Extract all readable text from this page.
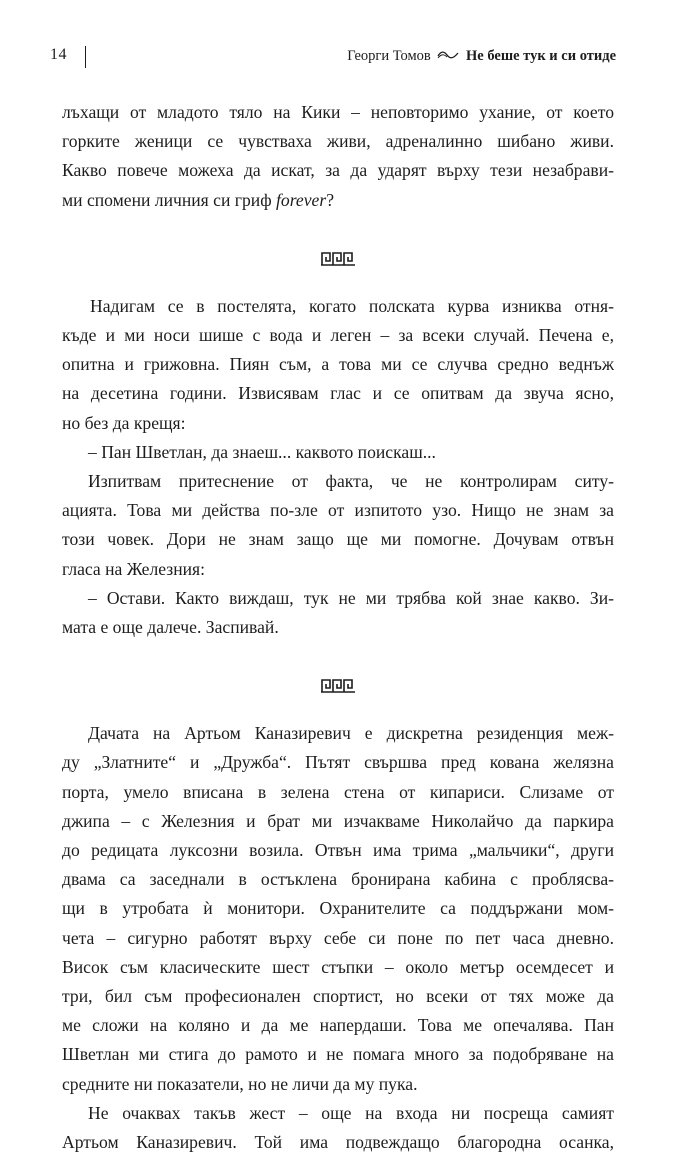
14	Георги Томов Не беше тук и си отиде
лъхащи от младото тяло на Кики – неповторимо ухание, от което
горките женици се чувстваха живи, адреналинно шибано живи.
Какво повече можеха да искат, за да ударят върху тези незабрави-
ми спомени личния си гриф forever?
Надигам се в постелята, когато полската курва изниква отня-
къде и ми носи шише с вода и леген – за всеки случай. Печена е,
опитна и грижовна. Пиян съм, а това ми се случва средно веднъж
на десетина години. Извисявам глас и се опитвам да звуча ясно,
но без да крещя:
– Пан Шветлан, да знаеш... каквото поискаш...
Изпитвам притеснение от факта, че не контролирам ситу-
ацията. Това ми действа по-зле от изпитото узо. Нищо не знам за
този човек. Дори не знам защо ще ми помогне. Дочувам отвън
гласа на Железния:
– Остави. Както виждаш, тук не ми трябва кой знае какво. Зи-
мата е още далече. Заспивай.
Дачата на Артьом Каназиревич е дискретна резиденция меж-
ду „Златните“ и „Дружба“. Пътят свършва пред кована желязна
порта, умело вписана в зелена стена от кипариси. Слизаме от
джипа – с Железния и брат ми изчакваме Николайчо да паркира
до редицата луксозни возила. Отвън има трима „мальчики“, други
двама са заседнали в остъклена бронирана кабина с проблясва-
щи в утробата ѝ монитори. Охранителите са поддържани мом-
чета – сигурно работят върху себе си поне по пет часа дневно.
Висок съм класическите шест стъпки – около метър осемдесет и
три, бил съм професионален спортист, но всеки от тях може да
ме сложи на коляно и да ме напердаши. Това ме опечалява. Пан
Шветлан ми стига до рамото и не помага много за подобряване на
средните ни показатели, но не личи да му пука.
Не очаквах такъв жест – още на входа ни посреща самият
Артьом Каназиревич. Той има подвеждащо благородна осанка,
